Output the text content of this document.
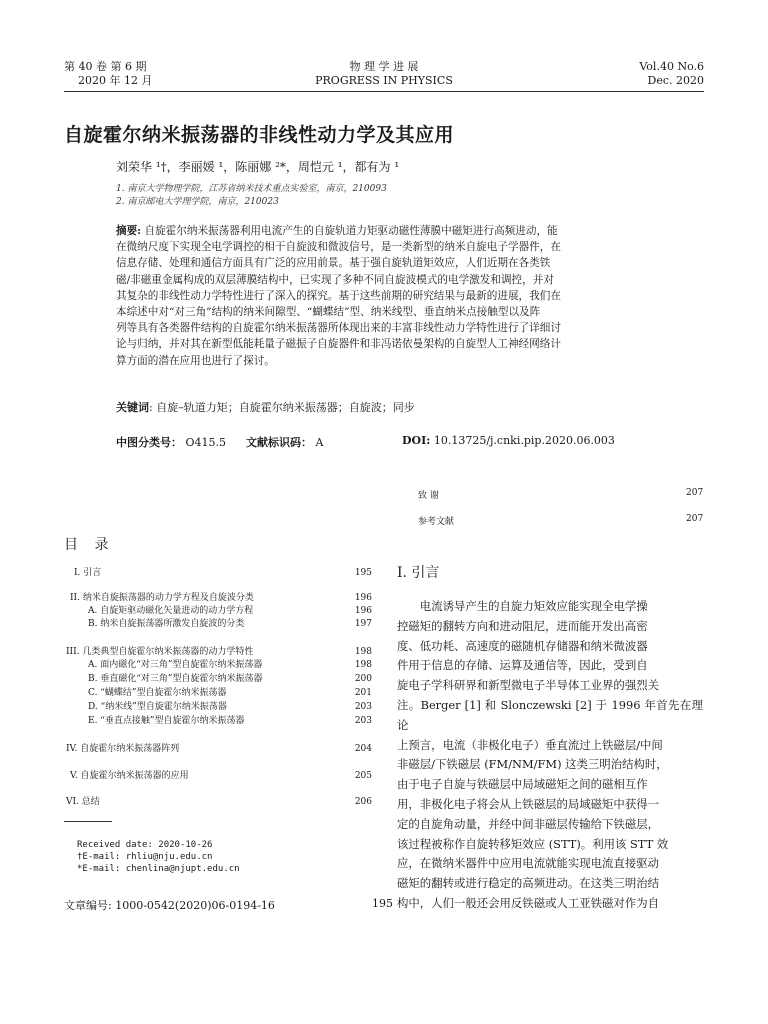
第 40 卷 第 6 期
2020 年 12 月
物 理 学 进 展
PROGRESS IN PHYSICS
Vol.40 No.6
Dec. 2020
自旋霍尔纳米振荡器的非线性动力学及其应用
刘荣华 ¹†，李丽媛 ¹，陈丽娜 ²*，周恺元 ¹，都有为 ¹
1. 南京大学物理学院，江苏省纳米技术重点实验室，南京，210093
2. 南京邮电大学理学院，南京，210023
摘要: 自旋霍尔纳米振荡器利用电流产生的自旋轨道力矩驱动磁性薄膜中磁矩进行高频进动，能
在微纳尺度下实现全电学调控的相干自旋波和微波信号，是一类新型的纳米自旋电子学器件，在
信息存储、处理和通信方面具有广泛的应用前景。基于强自旋轨道矩效应，人们近期在各类铁
磁/非磁重金属构成的双层薄膜结构中，已实现了多种不同自旋波模式的电学激发和调控，并对
其复杂的非线性动力学特性进行了深入的探究。基于这些前期的研究结果与最新的进展，我们在
本综述中对“对三角”结构的纳米间隙型、“蝴蝶结”型、纳米线型、垂直纳米点接触型以及阵
列等具有各类器件结构的自旋霍尔纳米振荡器所体现出来的丰富非线性动力学特性进行了详细讨
论与归纳，并对其在新型低能耗量子磁振子自旋器件和非冯诺依曼架构的自旋型人工神经网络计
算方面的潜在应用也进行了探讨。
关键词: 自旋–轨道力矩；自旋霍尔纳米振荡器；自旋波；同步
中图分类号： O415.5 文献标识码： A	DOI: 10.13725/j.cnki.pip.2020.06.003
致 谢	207
参考文献	207
目 录
I. 引言	195
II. 纳米自旋振荡器的动力学方程及自旋波分类	196
A. 自旋矩驱动磁化矢量进动的动力学方程	196
B. 纳米自旋振荡器所激发自旋波的分类	197
III. 几类典型自旋霍尔纳米振荡器的动力学特性	198
A. 面内磁化“对三角”型自旋霍尔纳米振荡器	198
B. 垂直磁化“对三角”型自旋霍尔纳米振荡器	200
C. “蝴蝶结”型自旋霍尔纳米振荡器	201
D. “纳米线”型自旋霍尔纳米振荡器	203
E. “垂直点接触”型自旋霍尔纳米振荡器	203
IV. 自旋霍尔纳米振荡器阵列	204
V. 自旋霍尔纳米振荡器的应用	205
VI. 总结	206
Received date: 2020-10-26
†E-mail: rhliu@nju.edu.cn
*E-mail: chenlina@njupt.edu.cn
I. 引言
电流诱导产生的自旋力矩效应能实现全电学操
控磁矩的翻转方向和进动阻尼，进而能开发出高密
度、低功耗、高速度的磁随机存储器和纳米微波器
件用于信息的存储、运算及通信等，因此，受到自
旋电子学科研界和新型微电子半导体工业界的强烈关
注。Berger [1] 和 Slonczewski [2] 于 1996 年首先在理论
上预言，电流（非极化电子）垂直流过上铁磁层/中间
非磁层/下铁磁层 (FM/NM/FM) 这类三明治结构时，
由于电子自旋与铁磁层中局域磁矩之间的磁相互作
用，非极化电子将会从上铁磁层的局域磁矩中获得一
定的自旋角动量，并经中间非磁层传输给下铁磁层，
该过程被称作自旋转移矩效应 (STT)。利用该 STT 效
应，在微纳米器件中应用电流就能实现电流直接驱动
磁矩的翻转或进行稳定的高频进动。在这类三明治结
构中，人们一般还会用反铁磁或人工亚铁磁对作为自
文章编号: 1000-0542(2020)06-0194-16	195
